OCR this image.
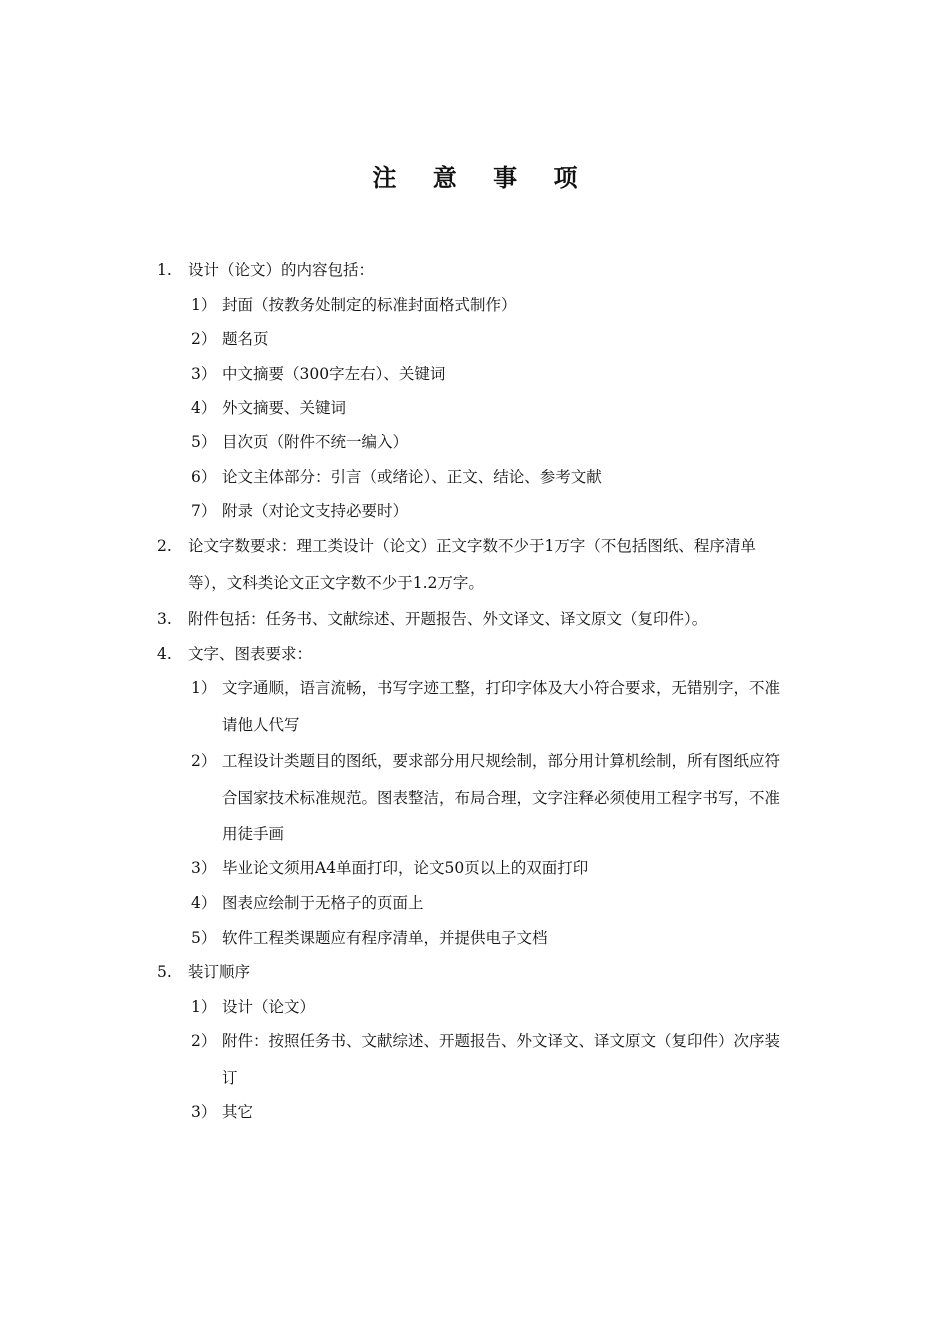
注 意 事 项
1. 设计（论文）的内容包括：
1） 封面（按教务处制定的标准封面格式制作）
2） 题名页
3） 中文摘要（300字左右）、关键词
4） 外文摘要、关键词
5） 目次页（附件不统一编入）
6） 论文主体部分：引言（或绪论）、正文、结论、参考文献
7） 附录（对论文支持必要时）
2. 论文字数要求：理工类设计（论文）正文字数不少于1万字（不包括图纸、程序清单
等），文科类论文正文字数不少于1.2万字。
3. 附件包括：任务书、文献综述、开题报告、外文译文、译文原文（复印件）。
4. 文字、图表要求：
1） 文字通顺，语言流畅，书写字迹工整，打印字体及大小符合要求，无错别字，不准
请他人代写
2） 工程设计类题目的图纸，要求部分用尺规绘制，部分用计算机绘制，所有图纸应符
合国家技术标准规范。图表整洁，布局合理，文字注释必须使用工程字书写，不准
用徒手画
3） 毕业论文须用A4单面打印，论文50页以上的双面打印
4） 图表应绘制于无格子的页面上
5） 软件工程类课题应有程序清单，并提供电子文档
5. 装订顺序
1） 设计（论文）
2） 附件：按照任务书、文献综述、开题报告、外文译文、译文原文（复印件）次序装
订
3） 其它
